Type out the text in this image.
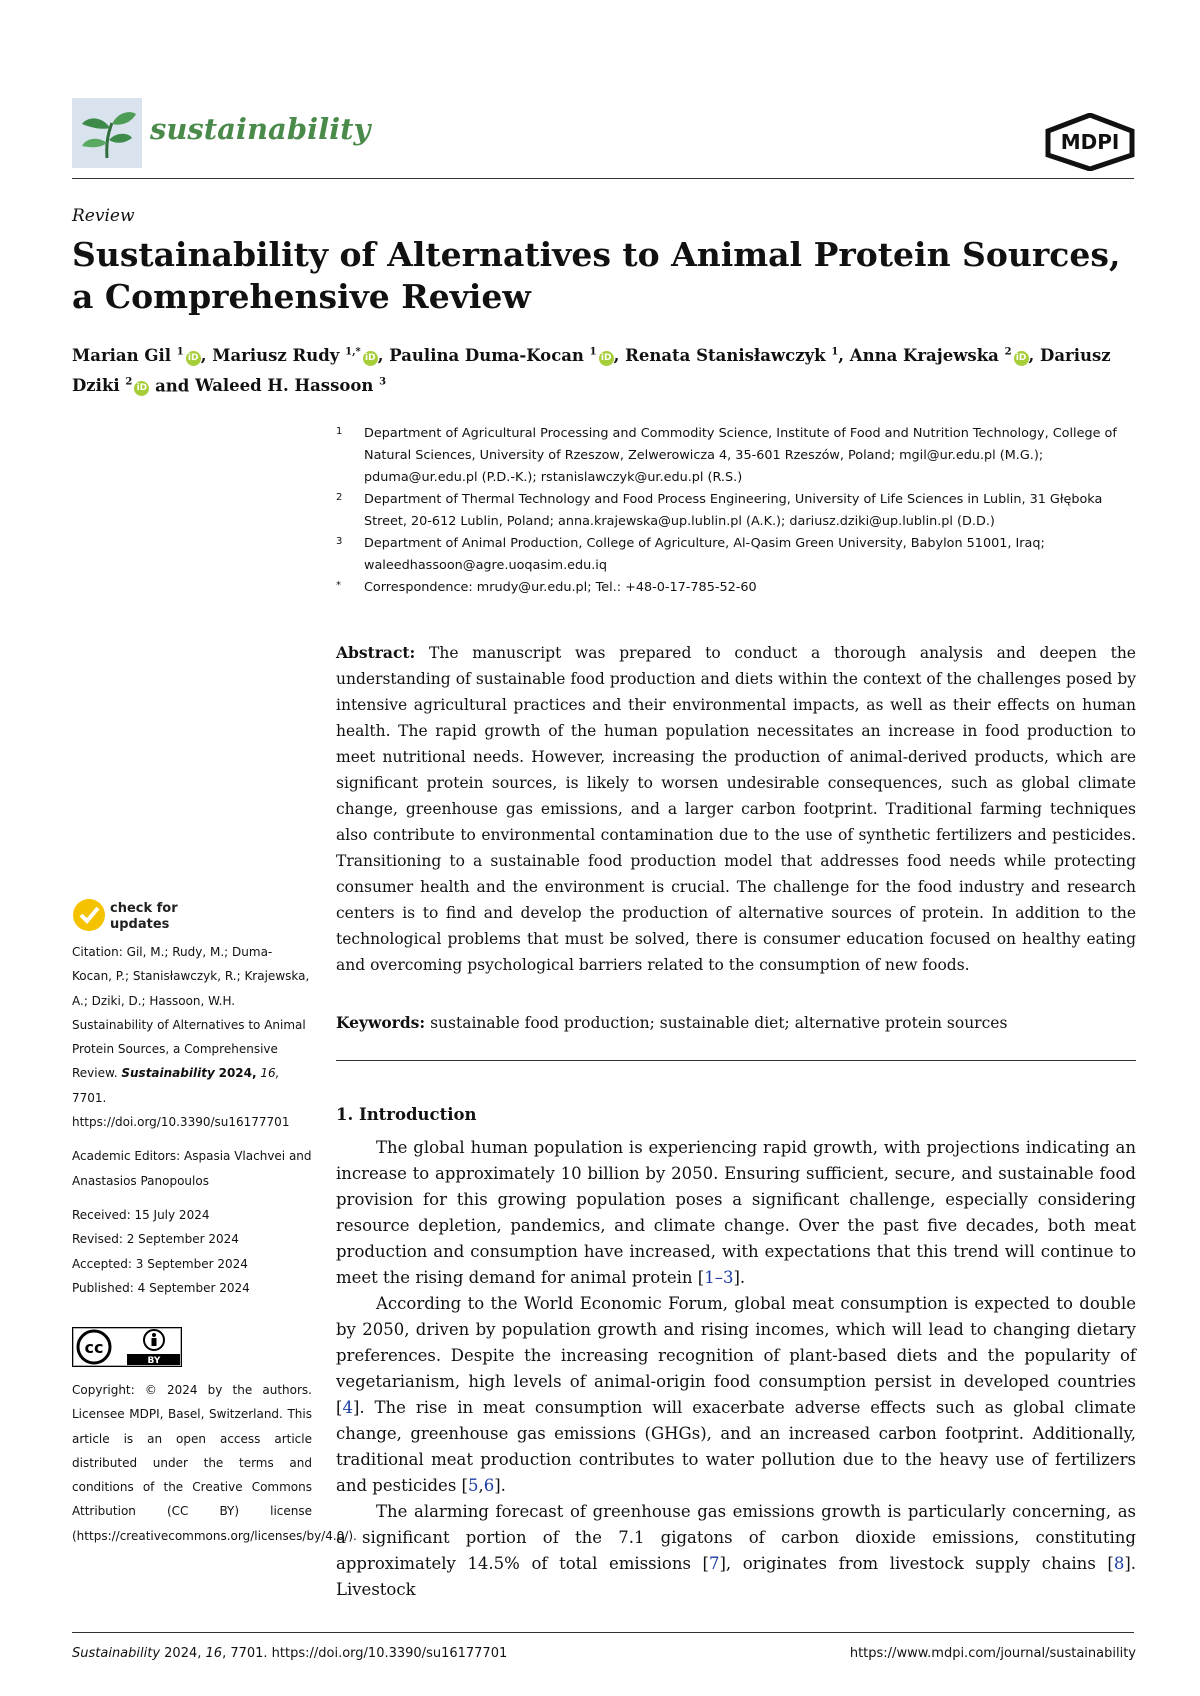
sustainability	MDPI
Review
Sustainability of Alternatives to Animal Protein Sources, a Comprehensive Review
Marian Gil $^1$iD , Mariusz Rudy $^{1,*}$iD , Paulina Duma-Kocan $^1$iD , Renata Stanisławczyk $^1$, Anna Krajewska $^2$iD , Dariusz Dziki $^2$iD and Waleed H. Hassoon $^3$
1 Department of Agricultural Processing and Commodity Science, Institute of Food and Nutrition Technology, College of Natural Sciences, University of Rzeszow, Zelwerowicza 4, 35-601 Rzeszów, Poland; mgil@ur.edu.pl (M.G.); pduma@ur.edu.pl (P.D.-K.); rstanislawczyk@ur.edu.pl (R.S.)
2 Department of Thermal Technology and Food Process Engineering, University of Life Sciences in Lublin, 31 Głęboka Street, 20-612 Lublin, Poland; anna.krajewska@up.lublin.pl (A.K.); dariusz.dziki@up.lublin.pl (D.D.)
3 Department of Animal Production, College of Agriculture, Al-Qasim Green University, Babylon 51001, Iraq; waleedhassoon@agre.uoqasim.edu.iq
* Correspondence: mrudy@ur.edu.pl; Tel.: +48-0-17-785-52-60
Abstract: The manuscript was prepared to conduct a thorough analysis and deepen the understanding of sustainable food production and diets within the context of the challenges posed by intensive agricultural practices and their environmental impacts, as well as their effects on human health. The rapid growth of the human population necessitates an increase in food production to meet nutritional needs. However, increasing the production of animal-derived products, which are significant protein sources, is likely to worsen undesirable consequences, such as global climate change, greenhouse gas emissions, and a larger carbon footprint. Traditional farming techniques also contribute to environmental contamination due to the use of synthetic fertilizers and pesticides. Transitioning to a sustainable food production model that addresses food needs while protecting consumer health and the environment is crucial. The challenge for the food industry and research centers is to find and develop the production of alternative sources of protein. In addition to the technological problems that must be solved, there is consumer education focused on healthy eating and overcoming psychological barriers related to the consumption of new foods.
Keywords: sustainable food production; sustainable diet; alternative protein sources
1. Introduction

The global human population is experiencing rapid growth, with projections indicating an increase to approximately 10 billion by 2050. Ensuring sufficient, secure, and sustainable food provision for this growing population poses a significant challenge, especially considering resource depletion, pandemics, and climate change. Over the past five decades, both meat production and consumption have increased, with expectations that this trend will continue to meet the rising demand for animal protein [1–3].

According to the World Economic Forum, global meat consumption is expected to double by 2050, driven by population growth and rising incomes, which will lead to changing dietary preferences. Despite the increasing recognition of plant-based diets and the popularity of vegetarianism, high levels of animal-origin food consumption persist in developed countries [4]. The rise in meat consumption will exacerbate adverse effects such as global climate change, greenhouse gas emissions (GHGs), and an increased carbon footprint. Additionally, traditional meat production contributes to water pollution due to the heavy use of fertilizers and pesticides [5,6].

The alarming forecast of greenhouse gas emissions growth is particularly concerning, as a significant portion of the 7.1 gigatons of carbon dioxide emissions, constituting approximately 14.5% of total emissions [7], originates from livestock supply chains [8]. Livestock

check for
updates
Citation: Gil, M.; Rudy, M.; Duma-Kocan, P.; Stanisławczyk, R.; Krajewska, A.; Dziki, D.; Hassoon, W.H. Sustainability of Alternatives to Animal Protein Sources, a Comprehensive Review. Sustainability 2024, 16, 7701. https://doi.org/10.3390/su16177701
Academic Editors: Aspasia Vlachvei and Anastasios Panopoulos
Received: 15 July 2024
Revised: 2 September 2024
Accepted: 3 September 2024
Published: 4 September 2024
cc
BY
Copyright: © 2024 by the authors. Licensee MDPI, Basel, Switzerland. This article is an open access article distributed under the terms and conditions of the Creative Commons Attribution (CC BY) license (https://creativecommons.org/licenses/by/4.0/).
Sustainability 2024, 16, 7701. https://doi.org/10.3390/su16177701	https://www.mdpi.com/journal/sustainability
